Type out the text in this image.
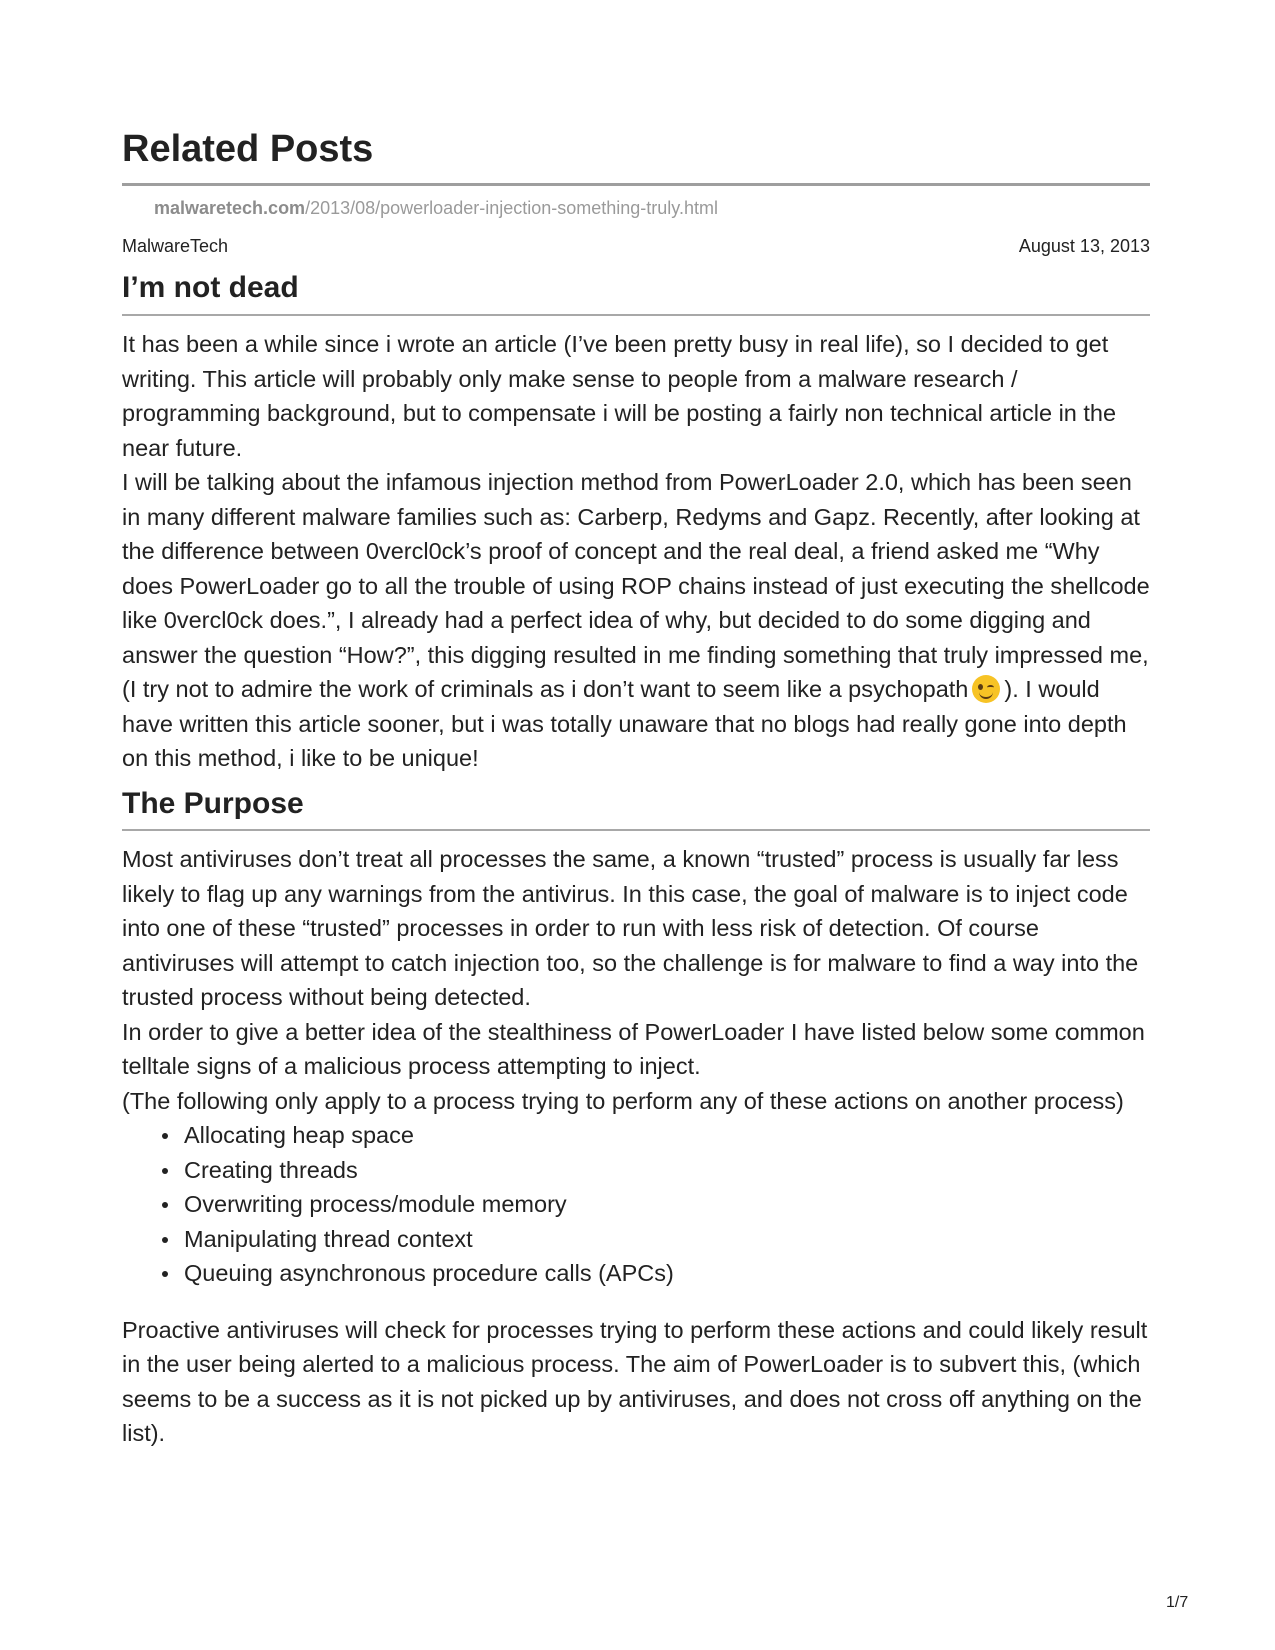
Related Posts
malwaretech.com/2013/08/powerloader-injection-something-truly.html
MalwareTech	August 13, 2013
I’m not dead

It has been a while since i wrote an article (I’ve been pretty busy in real life), so I decided to get writing. This article will probably only make sense to people from a malware research / programming background, but to compensate i will be posting a fairly non technical article in the near future.

I will be talking about the infamous injection method from PowerLoader 2.0, which has been seen in many different malware families such as: Carberp, Redyms and Gapz. Recently, after looking at the difference between 0vercl0ck’s proof of concept and the real deal, a friend asked me “Why does PowerLoader go to all the trouble of using ROP chains instead of just executing the shellcode like 0vercl0ck does.”, I already had a perfect idea of why, but decided to do some digging and answer the question “How?”, this digging resulted in me finding something that truly impressed me, (I try not to admire the work of criminals as i don’t want to seem like a psychopath ). I would have written this article sooner, but i was totally unaware that no blogs had really gone into depth on this method, i like to be unique!

The Purpose

Most antiviruses don’t treat all processes the same, a known “trusted” process is usually far less likely to flag up any warnings from the antivirus. In this case, the goal of malware is to inject code into one of these “trusted” processes in order to run with less risk of detection. Of course antiviruses will attempt to catch injection too, so the challenge is for malware to find a way into the trusted process without being detected.

In order to give a better idea of the stealthiness of PowerLoader I have listed below some common telltale signs of a malicious process attempting to inject.

(The following only apply to a process trying to perform any of these actions on another process)

Allocating heap space
Creating threads
Overwriting process/module memory
Manipulating thread context
Queuing asynchronous procedure calls (APCs)

Proactive antiviruses will check for processes trying to perform these actions and could likely result in the user being alerted to a malicious process. The aim of PowerLoader is to subvert this, (which seems to be a success as it is not picked up by antiviruses, and does not cross off anything on the list).

1/7
